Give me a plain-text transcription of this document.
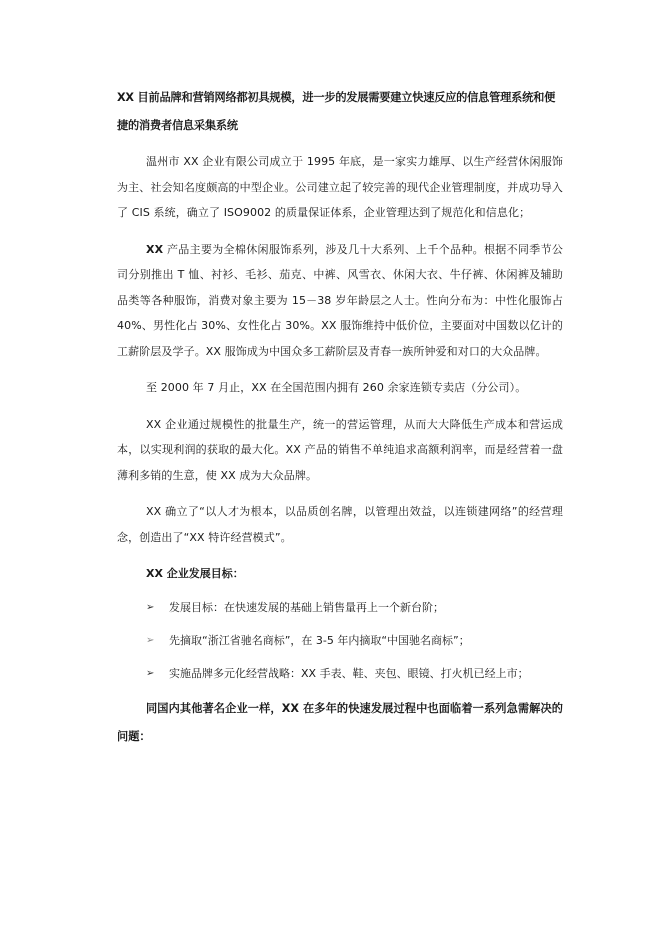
XX 目前品牌和营销网络都初具规模，进一步的发展需要建立快速反应的信息管理系统和便捷的消费者信息采集系统

温州市 XX 企业有限公司成立于 1995 年底，是一家实力雄厚、以生产经营休闲服饰为主、社会知名度颇高的中型企业。公司建立起了较完善的现代企业管理制度，并成功导入了 CIS 系统，确立了 ISO9002 的质量保证体系，企业管理达到了规范化和信息化；

XX 产品主要为全棉休闲服饰系列，涉及几十大系列、上千个品种。根据不同季节公司分别推出 T 恤、衬衫、毛衫、茄克、中裤、风雪衣、休闲大衣、牛仔裤、休闲裤及辅助品类等各种服饰，消费对象主要为 15－38 岁年龄层之人士。性向分布为：中性化服饰占 40%、男性化占 30%、女性化占 30%。XX 服饰维持中低价位，主要面对中国数以亿计的工薪阶层及学子。XX 服饰成为中国众多工薪阶层及青春一族所钟爱和对口的大众品牌。

至 2000 年 7 月止，XX 在全国范围内拥有 260 余家连锁专卖店（分公司）。

XX 企业通过规模性的批量生产，统一的营运管理，从而大大降低生产成本和营运成本，以实现利润的获取的最大化。XX 产品的销售不单纯追求高额利润率，而是经营着一盘薄利多销的生意，使 XX 成为大众品牌。

XX 确立了“以人才为根本，以品质创名牌，以管理出效益，以连锁建网络”的经营理念，创造出了“XX 特许经营模式”。

XX 企业发展目标：

➢ 发展目标：在快速发展的基础上销售量再上一个新台阶；
➢ 先摘取“浙江省驰名商标”，在 3-5 年内摘取“中国驰名商标”；
➢ 实施品牌多元化经营战略：XX 手表、鞋、夹包、眼镜、打火机已经上市；

同国内其他著名企业一样，XX 在多年的快速发展过程中也面临着一系列急需解决的问题：
